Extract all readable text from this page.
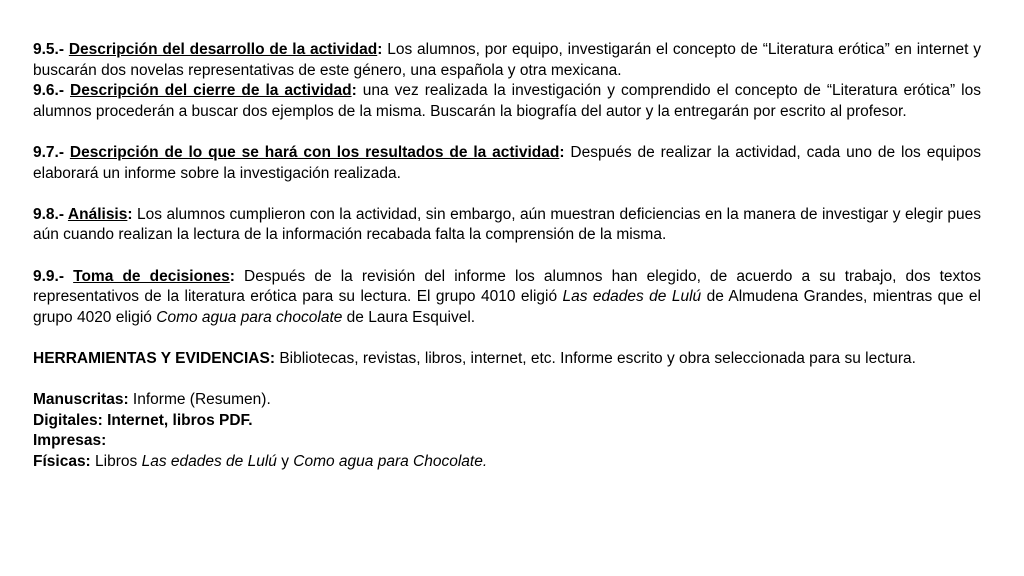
9.5.- Descripción del desarrollo de la actividad: Los alumnos, por equipo, investigarán el concepto de “Literatura erótica” en internet y buscarán dos novelas representativas de este género, una española y otra mexicana.

9.6.- Descripción del cierre de la actividad: una vez realizada la investigación y comprendido el concepto de “Literatura erótica” los alumnos procederán a buscar dos ejemplos de la misma. Buscarán la biografía del autor y la entregarán por escrito al profesor.

9.7.- Descripción de lo que se hará con los resultados de la actividad: Después de realizar la actividad, cada uno de los equipos elaborará un informe sobre la investigación realizada.

9.8.- Análisis: Los alumnos cumplieron con la actividad, sin embargo, aún muestran deficiencias en la manera de investigar y elegir pues aún cuando realizan la lectura de la información recabada falta la comprensión de la misma.

9.9.- Toma de decisiones: Después de la revisión del informe los alumnos han elegido, de acuerdo a su trabajo, dos textos representativos de la literatura erótica para su lectura. El grupo 4010 eligió Las edades de Lulú de Almudena Grandes, mientras que el grupo 4020 eligió Como agua para chocolate de Laura Esquivel.

HERRAMIENTAS Y EVIDENCIAS: Bibliotecas, revistas, libros, internet, etc. Informe escrito y obra seleccionada para su lectura.

Manuscritas: Informe (Resumen).

Digitales: Internet, libros PDF.

Impresas:

Físicas: Libros Las edades de Lulú y Como agua para Chocolate.
